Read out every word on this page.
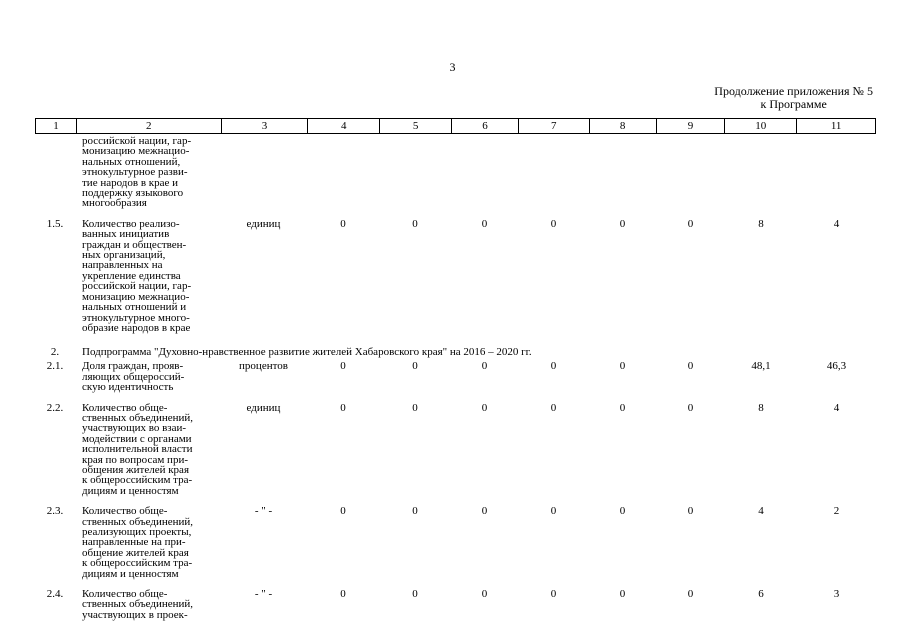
3
Продолжение приложения № 5
к Программе
1	2	3	4	5	6	7	8	9	10	11
российской нации, гар-
монизацию межнацио-
нальных отношений,
этнокультурное разви-
тие народов в крае и
поддержку языкового
многообразия
1.5.	Количество реализо-
ванных инициатив
граждан и обществен-
ных организаций,
направленных на
укрепление единства
российской нации, гар-
монизацию межнацио-
нальных отношений и
этнокультурное много-
образие народов в крае
единиц	0	0	0	0	0	0	8	4
2.	Подпрограмма "Духовно-нравственное развитие жителей Хабаровского края" на 2016 – 2020 гг.
2.1.	Доля граждан, прояв-
ляющих общероссий-
скую идентичность
процентов	0	0	0	0	0	0	48,1	46,3
2.2.	Количество обще-
ственных объединений,
участвующих во взаи-
модействии с органами
исполнительной власти
края по вопросам при-
общения жителей края
к общероссийским тра-
дициям и ценностям
единиц	0	0	0	0	0	0	8	4
2.3.	Количество обще-
ственных объединений,
реализующих проекты,
направленные на при-
общение жителей края
к общероссийским тра-
дициям и ценностям
- " -	0	0	0	0	0	0	4	2
2.4.	Количество обще-
ственных объединений,
участвующих в проек-
- " -	0	0	0	0	0	0	6	3
